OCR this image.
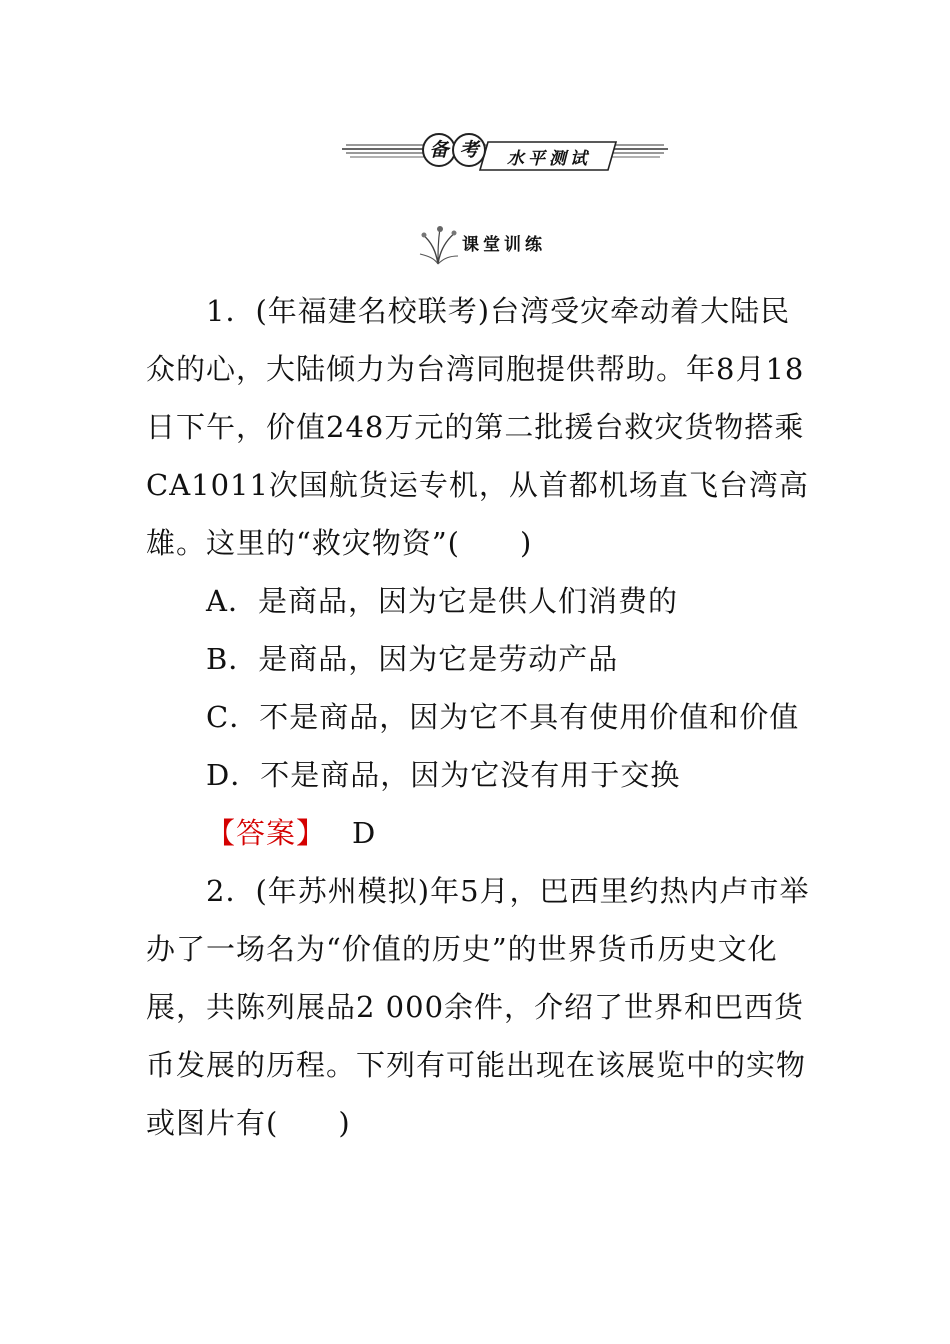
备 考	水平测试
课堂训练

1．(年福建名校联考)台湾受灾牵动着大陆民众的心，大陆倾力为台湾同胞提供帮助。年8月18日下午，价值248万元的第二批援台救灾货物搭乘CA1011次国航货运专机，从首都机场直飞台湾高雄。这里的“救灾物资”(　　)

A．是商品，因为它是供人们消费的

B．是商品，因为它是劳动产品

C．不是商品，因为它不具有使用价值和价值

D．不是商品，因为它没有用于交换

【答案】 D

2．(年苏州模拟)年5月，巴西里约热内卢市举办了一场名为“价值的历史”的世界货币历史文化展，共陈列展品2 000余件，介绍了世界和巴西货币发展的历程。下列有可能出现在该展览中的实物或图片有(　　)
